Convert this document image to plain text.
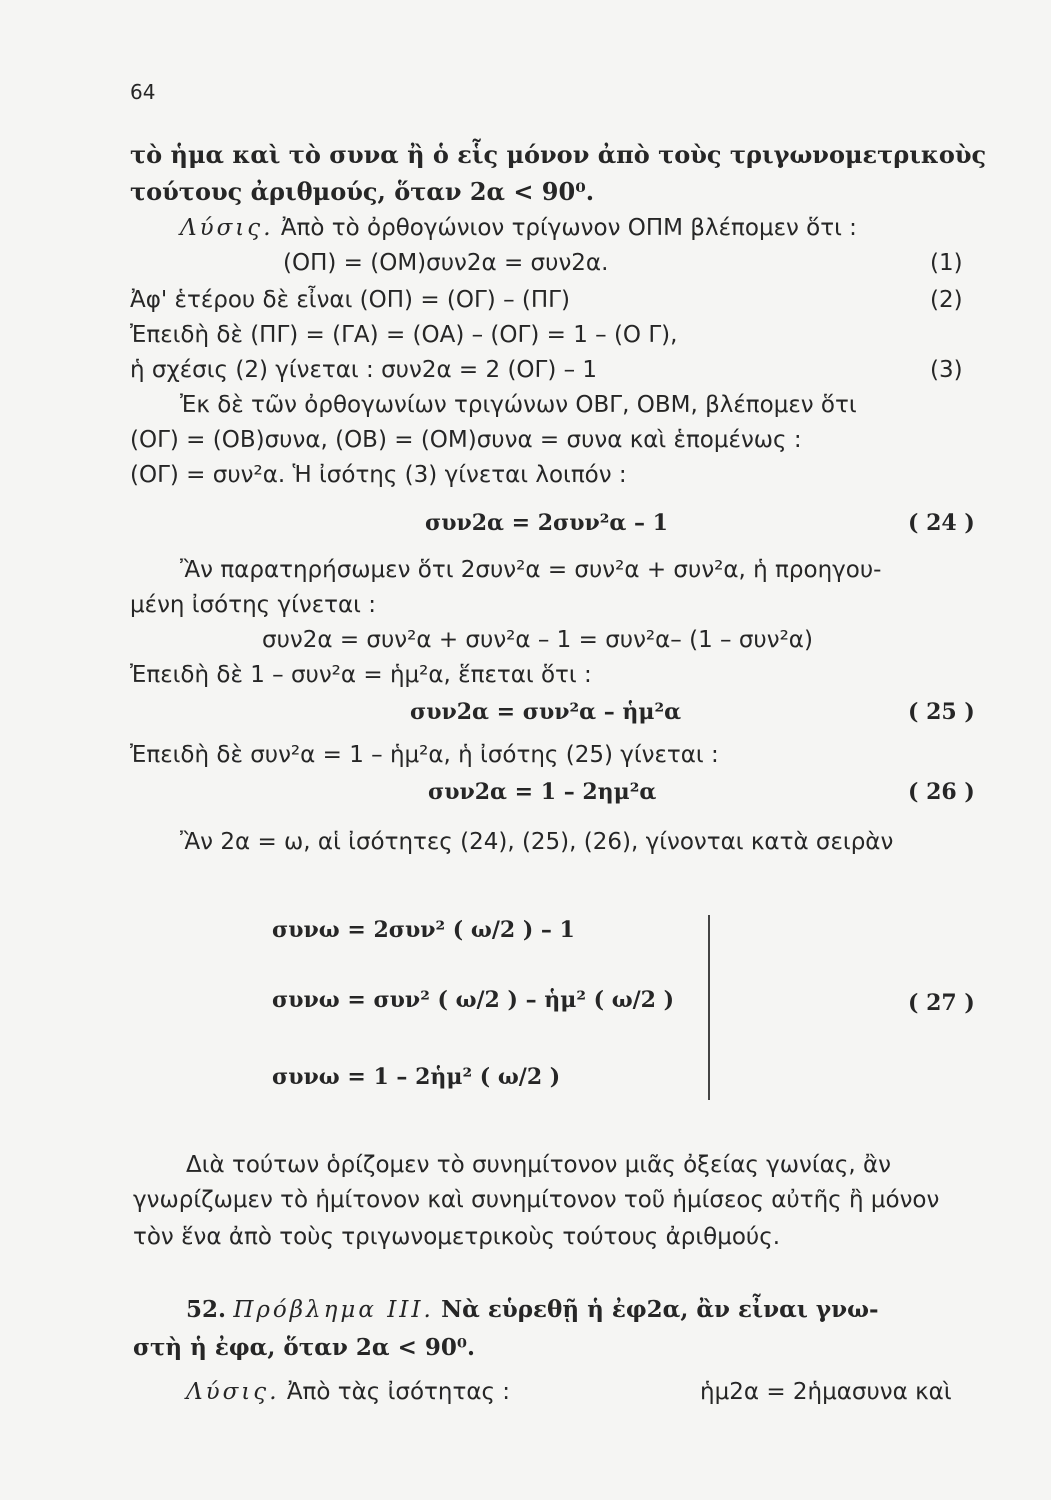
64
τὸ ἡμα καὶ τὸ συνα ἢ ὁ εἷς μόνον ἀπὸ τοὺς τριγωνομετρικοὺς
τούτους ἀριθμούς, ὅταν 2α < 90⁰.
Λύσις. Ἀπὸ τὸ ὀρθογώνιον τρίγωνον ΟΠΜ βλέπομεν ὅτι :
(ΟΠ) = (ΟΜ)συν2α = συν2α.	(1)
Ἀφ' ἑτέρου δὲ εἶναι (ΟΠ) = (ΟΓ) – (ΠΓ)	(2)
Ἐπειδὴ δὲ (ΠΓ) = (ΓΑ) = (ΟΑ) – (ΟΓ) = 1 – (Ο Γ),
ἡ σχέσις (2) γίνεται : συν2α = 2 (ΟΓ) – 1	(3)
Ἐκ δὲ τῶν ὀρθογωνίων τριγώνων ΟΒΓ, ΟΒΜ, βλέπομεν ὅτι
(ΟΓ) = (ΟΒ)συνα, (ΟΒ) = (ΟΜ)συνα = συνα καὶ ἑπομένως :
(ΟΓ) = συν²α. Ἡ ἰσότης (3) γίνεται λοιπόν :
συν2α = 2συν²α – 1	( 24 )
Ἂν παρατηρήσωμεν ὅτι 2συν²α = συν²α + συν²α, ἡ προηγου-
μένη ἰσότης γίνεται :
συν2α = συν²α + συν²α – 1 = συν²α– (1 – συν²α)
Ἐπειδὴ δὲ 1 – συν²α = ἡμ²α, ἕπεται ὅτι :
συν2α = συν²α – ἡμ²α	( 25 )
Ἐπειδὴ δὲ συν²α = 1 – ἡμ²α, ἡ ἰσότης (25) γίνεται :
συν2α = 1 – 2ημ²α	( 26 )
Ἂν 2α = ω, αἱ ἰσότητες (24), (25), (26), γίνονται κατὰ σειρὰν
συνω = 2συν² ( ω/2 ) – 1
συνω = συν² ( ω/2 ) – ἡμ² ( ω/2 )
συνω = 1 – 2ἡμ² ( ω/2 )
( 27 )
Διὰ τούτων ὁρίζομεν τὸ συνημίτονον μιᾶς ὀξείας γωνίας, ἂν
γνωρίζωμεν τὸ ἡμίτονον καὶ συνημίτονον τοῦ ἡμίσεος αὐτῆς ἢ μόνον
τὸν ἕνα ἀπὸ τοὺς τριγωνομετρικοὺς τούτους ἀριθμούς.
52. Πρόβλημα ΙΙΙ. Νὰ εὑρεθῇ ἡ ἐφ2α, ἂν εἶναι γνω-
στὴ ἡ ἐφα, ὅταν 2α < 90⁰.
Λύσις. Ἀπὸ τὰς ἰσότητας :	ἡμ2α = 2ἡμασυνα καὶ
